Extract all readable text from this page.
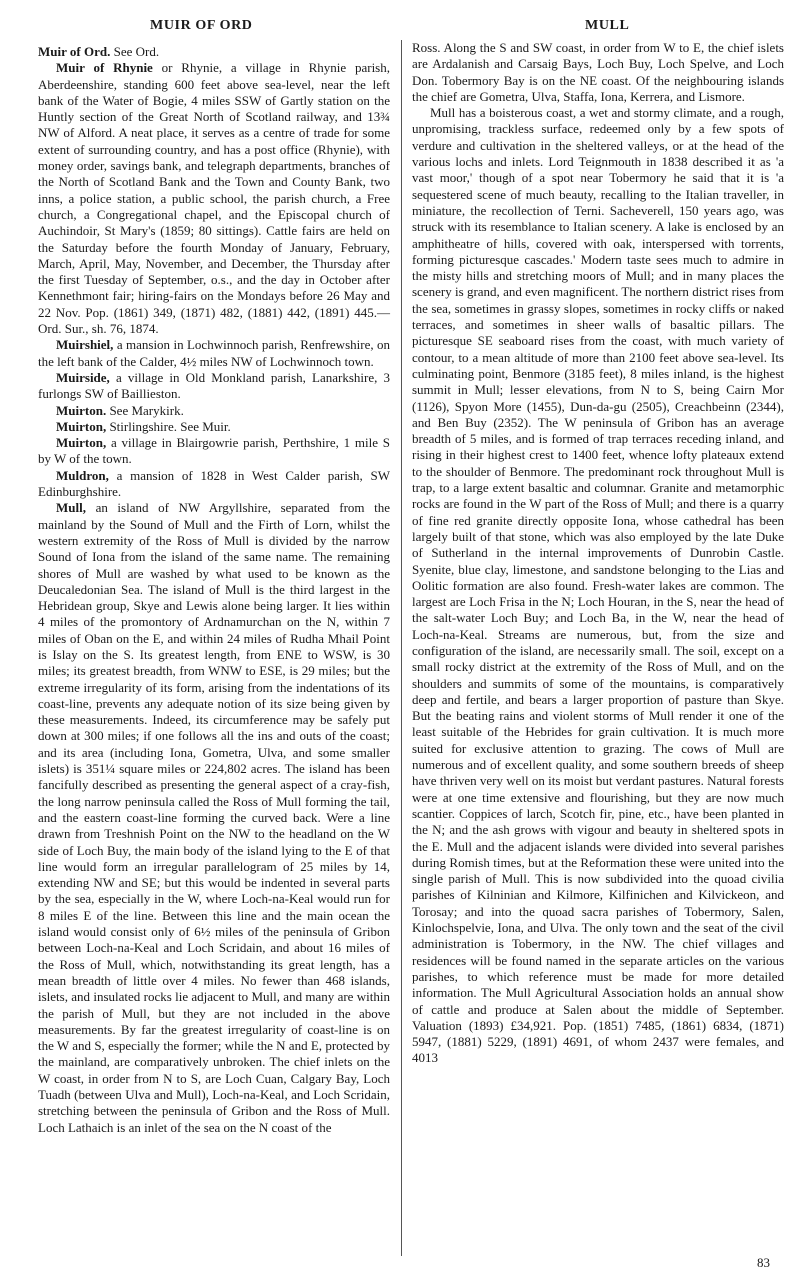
MUIR OF ORD	MULL

Muir of Ord. See Ord.

Muir of Rhynie or Rhynie, a village in Rhynie parish, Aberdeenshire, standing 600 feet above sea-level, near the left bank of the Water of Bogie, 4 miles SSW of Gartly station on the Huntly section of the Great North of Scotland railway, and 13¾ NW of Alford. A neat place, it serves as a centre of trade for some extent of surrounding country, and has a post office (Rhynie), with money order, savings bank, and telegraph departments, branches of the North of Scotland Bank and the Town and County Bank, two inns, a police station, a public school, the parish church, a Free church, a Congregational chapel, and the Episcopal church of Auchindoir, St Mary's (1859; 80 sittings). Cattle fairs are held on the Saturday before the fourth Monday of January, February, March, April, May, November, and December, the Thursday after the first Tuesday of September, o.s., and the day in October after Kennethmont fair; hiring-fairs on the Mondays before 26 May and 22 Nov. Pop. (1861) 349, (1871) 482, (1881) 442, (1891) 445.—Ord. Sur., sh. 76, 1874.

Muirshiel, a mansion in Lochwinnoch parish, Renfrewshire, on the left bank of the Calder, 4½ miles NW of Lochwinnoch town.

Muirside, a village in Old Monkland parish, Lanarkshire, 3 furlongs SW of Baillieston.

Muirton. See Marykirk.

Muirton, Stirlingshire. See Muir.

Muirton, a village in Blairgowrie parish, Perthshire, 1 mile S by W of the town.

Muldron, a mansion of 1828 in West Calder parish, SW Edinburghshire.

Mull, an island of NW Argyllshire, separated from the mainland by the Sound of Mull and the Firth of Lorn, whilst the western extremity of the Ross of Mull is divided by the narrow Sound of Iona from the island of the same name. The remaining shores of Mull are washed by what used to be known as the Deucaledonian Sea. The island of Mull is the third largest in the Hebridean group, Skye and Lewis alone being larger. It lies within 4 miles of the promontory of Ardnamurchan on the N, within 7 miles of Oban on the E, and within 24 miles of Rudha Mhail Point is Islay on the S. Its greatest length, from ENE to WSW, is 30 miles; its greatest breadth, from WNW to ESE, is 29 miles; but the extreme irregularity of its form, arising from the indentations of its coast-line, prevents any adequate notion of its size being given by these measurements. Indeed, its circumference may be safely put down at 300 miles; if one follows all the ins and outs of the coast; and its area (including Iona, Gometra, Ulva, and some smaller islets) is 351¼ square miles or 224,802 acres. The island has been fancifully described as presenting the general aspect of a cray-fish, the long narrow peninsula called the Ross of Mull forming the tail, and the eastern coast-line forming the curved back. Were a line drawn from Treshnish Point on the NW to the headland on the W side of Loch Buy, the main body of the island lying to the E of that line would form an irregular parallelogram of 25 miles by 14, extending NW and SE; but this would be indented in several parts by the sea, especially in the W, where Loch-na-Keal would run for 8 miles E of the line. Between this line and the main ocean the island would consist only of 6½ miles of the peninsula of Gribon between Loch-na-Keal and Loch Scridain, and about 16 miles of the Ross of Mull, which, notwithstanding its great length, has a mean breadth of little over 4 miles. No fewer than 468 islands, islets, and insulated rocks lie adjacent to Mull, and many are within the parish of Mull, but they are not included in the above measurements. By far the greatest irregularity of coast-line is on the W and S, especially the former; while the N and E, protected by the mainland, are comparatively unbroken. The chief inlets on the W coast, in order from N to S, are Loch Cuan, Calgary Bay, Loch Tuadh (between Ulva and Mull), Loch-na-Keal, and Loch Scridain, stretching between the peninsula of Gribon and the Ross of Mull. Loch Lathaich is an inlet of the sea on the N coast of the

Ross. Along the S and SW coast, in order from W to E, the chief islets are Ardalanish and Carsaig Bays, Loch Buy, Loch Spelve, and Loch Don. Tobermory Bay is on the NE coast. Of the neighbouring islands the chief are Gometra, Ulva, Staffa, Iona, Kerrera, and Lismore.

Mull has a boisterous coast, a wet and stormy climate, and a rough, unpromising, trackless surface, redeemed only by a few spots of verdure and cultivation in the sheltered valleys, or at the head of the various lochs and inlets. Lord Teignmouth in 1838 described it as 'a vast moor,' though of a spot near Tobermory he said that it is 'a sequestered scene of much beauty, recalling to the Italian traveller, in miniature, the recollection of Terni. Sacheverell, 150 years ago, was struck with its resemblance to Italian scenery. A lake is enclosed by an amphitheatre of hills, covered with oak, interspersed with torrents, forming picturesque cascades.' Modern taste sees much to admire in the misty hills and stretching moors of Mull; and in many places the scenery is grand, and even magnificent. The northern district rises from the sea, sometimes in grassy slopes, sometimes in rocky cliffs or naked terraces, and sometimes in sheer walls of basaltic pillars. The picturesque SE seaboard rises from the coast, with much variety of contour, to a mean altitude of more than 2100 feet above sea-level. Its culminating point, Benmore (3185 feet), 8 miles inland, is the highest summit in Mull; lesser elevations, from N to S, being Cairn Mor (1126), Spyon More (1455), Dun-da-gu (2505), Creachbeinn (2344), and Ben Buy (2352). The W peninsula of Gribon has an average breadth of 5 miles, and is formed of trap terraces receding inland, and rising in their highest crest to 1400 feet, whence lofty plateaux extend to the shoulder of Benmore. The predominant rock throughout Mull is trap, to a large extent basaltic and columnar. Granite and metamorphic rocks are found in the W part of the Ross of Mull; and there is a quarry of fine red granite directly opposite Iona, whose cathedral has been largely built of that stone, which was also employed by the late Duke of Sutherland in the internal improvements of Dunrobin Castle. Syenite, blue clay, limestone, and sandstone belonging to the Lias and Oolitic formation are also found. Fresh-water lakes are common. The largest are Loch Frisa in the N; Loch Houran, in the S, near the head of the salt-water Loch Buy; and Loch Ba, in the W, near the head of Loch-na-Keal. Streams are numerous, but, from the size and configuration of the island, are necessarily small. The soil, except on a small rocky district at the extremity of the Ross of Mull, and on the shoulders and summits of some of the mountains, is comparatively deep and fertile, and bears a larger proportion of pasture than Skye. But the beating rains and violent storms of Mull render it one of the least suitable of the Hebrides for grain cultivation. It is much more suited for exclusive attention to grazing. The cows of Mull are numerous and of excellent quality, and some southern breeds of sheep have thriven very well on its moist but verdant pastures. Natural forests were at one time extensive and flourishing, but they are now much scantier. Coppices of larch, Scotch fir, pine, etc., have been planted in the N; and the ash grows with vigour and beauty in sheltered spots in the E. Mull and the adjacent islands were divided into several parishes during Romish times, but at the Reformation these were united into the single parish of Mull. This is now subdivided into the quoad civilia parishes of Kilninian and Kilmore, Kilfinichen and Kilvickeon, and Torosay; and into the quoad sacra parishes of Tobermory, Salen, Kinlochspelvie, Iona, and Ulva. The only town and the seat of the civil administration is Tobermory, in the NW. The chief villages and residences will be found named in the separate articles on the various parishes, to which reference must be made for more detailed information. The Mull Agricultural Association holds an annual show of cattle and produce at Salen about the middle of September. Valuation (1893) £34,921. Pop. (1851) 7485, (1861) 6834, (1871) 5947, (1881) 5229, (1891) 4691, of whom 2437 were females, and 4013

83
